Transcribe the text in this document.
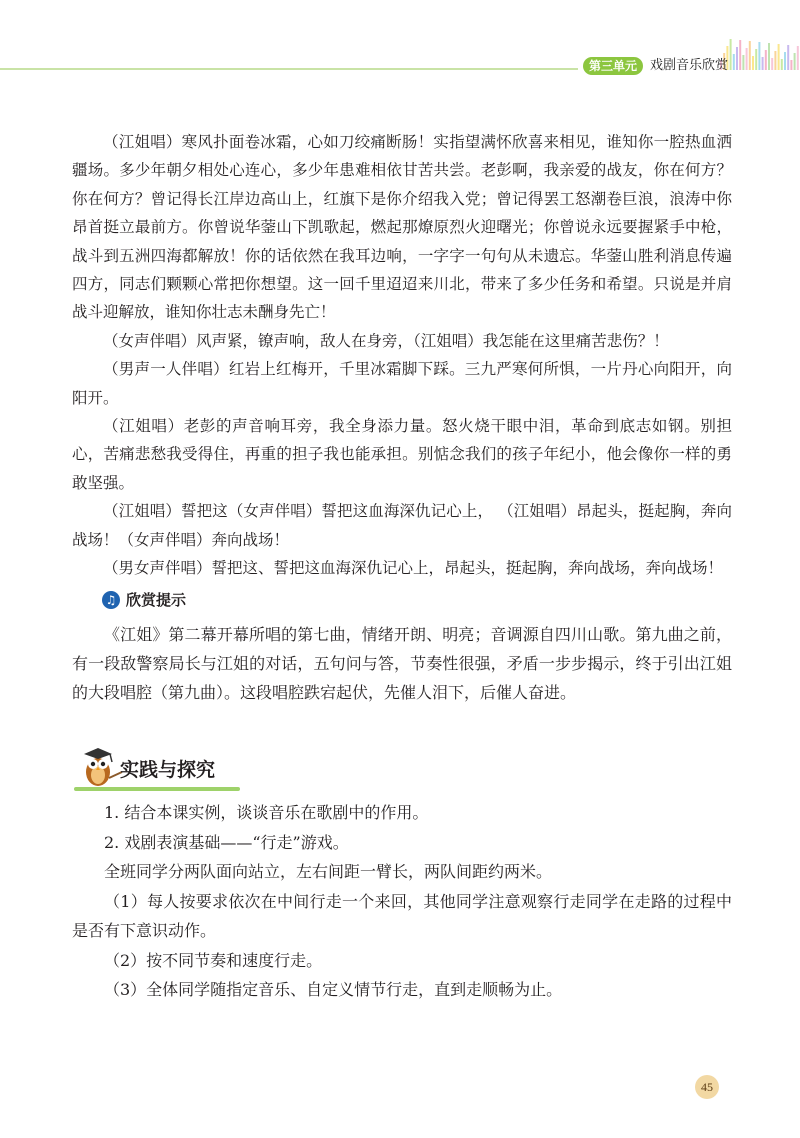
第三单元 戏剧音乐欣赏

（江姐唱）寒风扑面卷冰霜，心如刀绞痛断肠！实指望满怀欣喜来相见，谁知你一腔热血洒疆场。多少年朝夕相处心连心，多少年患难相依甘苦共尝。老彭啊，我亲爱的战友，你在何方？你在何方？曾记得长江岸边高山上，红旗下是你介绍我入党；曾记得罢工怒潮卷巨浪，浪涛中你昂首挺立最前方。你曾说华蓥山下凯歌起，燃起那燎原烈火迎曙光；你曾说永远要握紧手中枪，战斗到五洲四海都解放！你的话依然在我耳边响，一字字一句句从未遗忘。华蓥山胜利消息传遍四方，同志们颗颗心常把你想望。这一回千里迢迢来川北，带来了多少任务和希望。只说是并肩战斗迎解放，谁知你壮志未酬身先亡！

（女声伴唱）风声紧，镣声响，敌人在身旁，（江姐唱）我怎能在这里痛苦悲伤？！

（男声一人伴唱）红岩上红梅开，千里冰霜脚下踩。三九严寒何所惧，一片丹心向阳开，向阳开。

（江姐唱）老彭的声音响耳旁，我全身添力量。怒火烧干眼中泪，革命到底志如钢。别担心，苦痛悲愁我受得住，再重的担子我也能承担。别惦念我们的孩子年纪小，他会像你一样的勇敢坚强。

（江姐唱）誓把这（女声伴唱）誓把这血海深仇记心上， （江姐唱）昂起头，挺起胸，奔向战场！（女声伴唱）奔向战场！

（男女声伴唱）誓把这、誓把这血海深仇记心上，昂起头，挺起胸，奔向战场，奔向战场！

♫ 欣赏提示

《江姐》第二幕开幕所唱的第七曲，情绪开朗、明亮；音调源自四川山歌。第九曲之前，有一段敌警察局长与江姐的对话，五句问与答，节奏性很强，矛盾一步步揭示，终于引出江姐的大段唱腔（第九曲）。这段唱腔跌宕起伏，先催人泪下，后催人奋进。

实践与探究

1. 结合本课实例，谈谈音乐在歌剧中的作用。

2. 戏剧表演基础——“行走”游戏。

全班同学分两队面向站立，左右间距一臂长，两队间距约两米。

（1）每人按要求依次在中间行走一个来回，其他同学注意观察行走同学在走路的过程中是否有下意识动作。

（2）按不同节奏和速度行走。

（3）全体同学随指定音乐、自定义情节行走，直到走顺畅为止。

45
